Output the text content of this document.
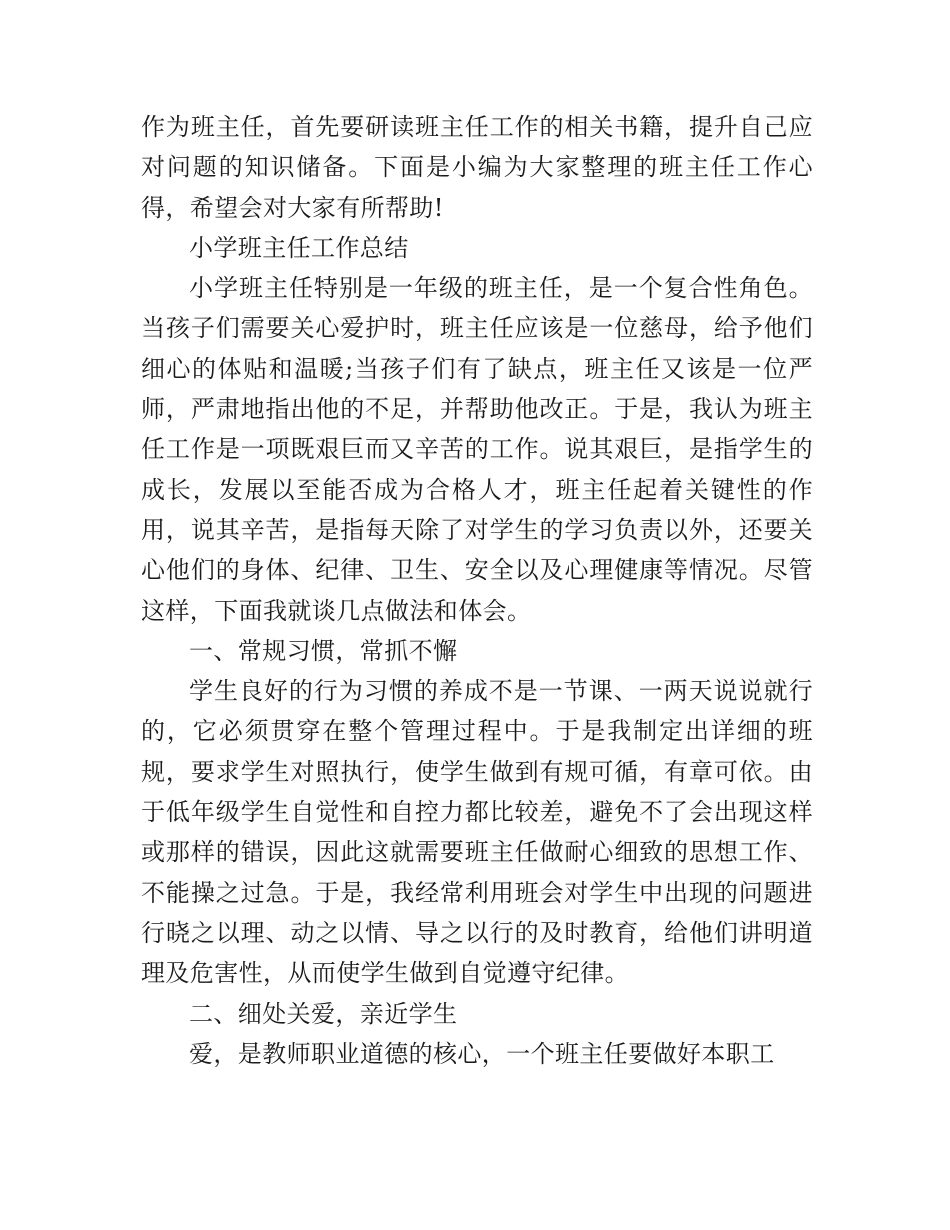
作为班主任，首先要研读班主任工作的相关书籍，提升自己应对问题的知识储备。下面是小编为大家整理的班主任工作心得，希望会对大家有所帮助!

小学班主任工作总结

小学班主任特别是一年级的班主任，是一个复合性角色。当孩子们需要关心爱护时，班主任应该是一位慈母，给予他们细心的体贴和温暖;当孩子们有了缺点，班主任又该是一位严师，严肃地指出他的不足，并帮助他改正。于是，我认为班主任工作是一项既艰巨而又辛苦的工作。说其艰巨，是指学生的成长，发展以至能否成为合格人才，班主任起着关键性的作用，说其辛苦，是指每天除了对学生的学习负责以外，还要关心他们的身体、纪律、卫生、安全以及心理健康等情况。尽管这样，下面我就谈几点做法和体会。

一、常规习惯，常抓不懈

学生良好的行为习惯的养成不是一节课、一两天说说就行的，它必须贯穿在整个管理过程中。于是我制定出详细的班规，要求学生对照执行，使学生做到有规可循，有章可依。由于低年级学生自觉性和自控力都比较差，避免不了会出现这样或那样的错误，因此这就需要班主任做耐心细致的思想工作、不能操之过急。于是，我经常利用班会对学生中出现的问题进行晓之以理、动之以情、导之以行的及时教育，给他们讲明道理及危害性，从而使学生做到自觉遵守纪律。

二、细处关爱，亲近学生

爱，是教师职业道德的核心，一个班主任要做好本职工
